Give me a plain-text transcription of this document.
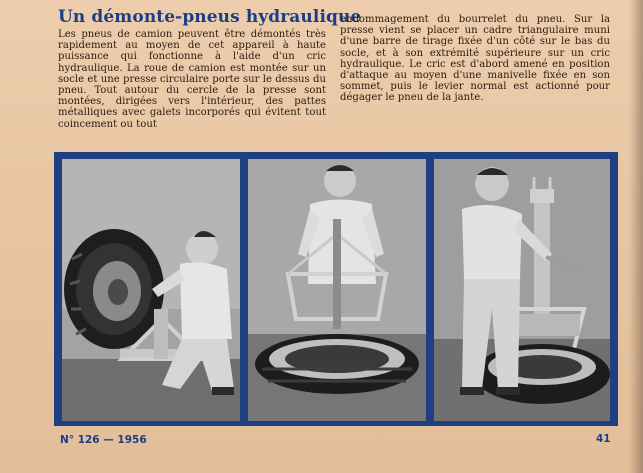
Un démonte-pneus hydraulique
Les pneus de camion peuvent être démontés très rapidement au moyen de cet appareil à haute puissance qui fonctionne à l'aide d'un cric hydraulique. La roue de camion est montée sur un socle et une presse circulaire porte sur le dessus du pneu. Tout autour du cercle de la presse sont montées, dirigées vers l'intérieur, des pattes métalliques avec galets incorporés qui évitent tout coincement ou tout
endommagement du bourrelet du pneu. Sur la presse vient se placer un cadre triangulaire muni d'une barre de tirage fixée d'un côté sur le bas du socle, et à son extrémité supérieure sur un cric hydraulique. Le cric est d'abord amené en position d'attaque au moyen d'une manivelle fixée en son sommet, puis le levier normal est actionné pour dégager le pneu de la jante.
N° 126 — 1956	41
